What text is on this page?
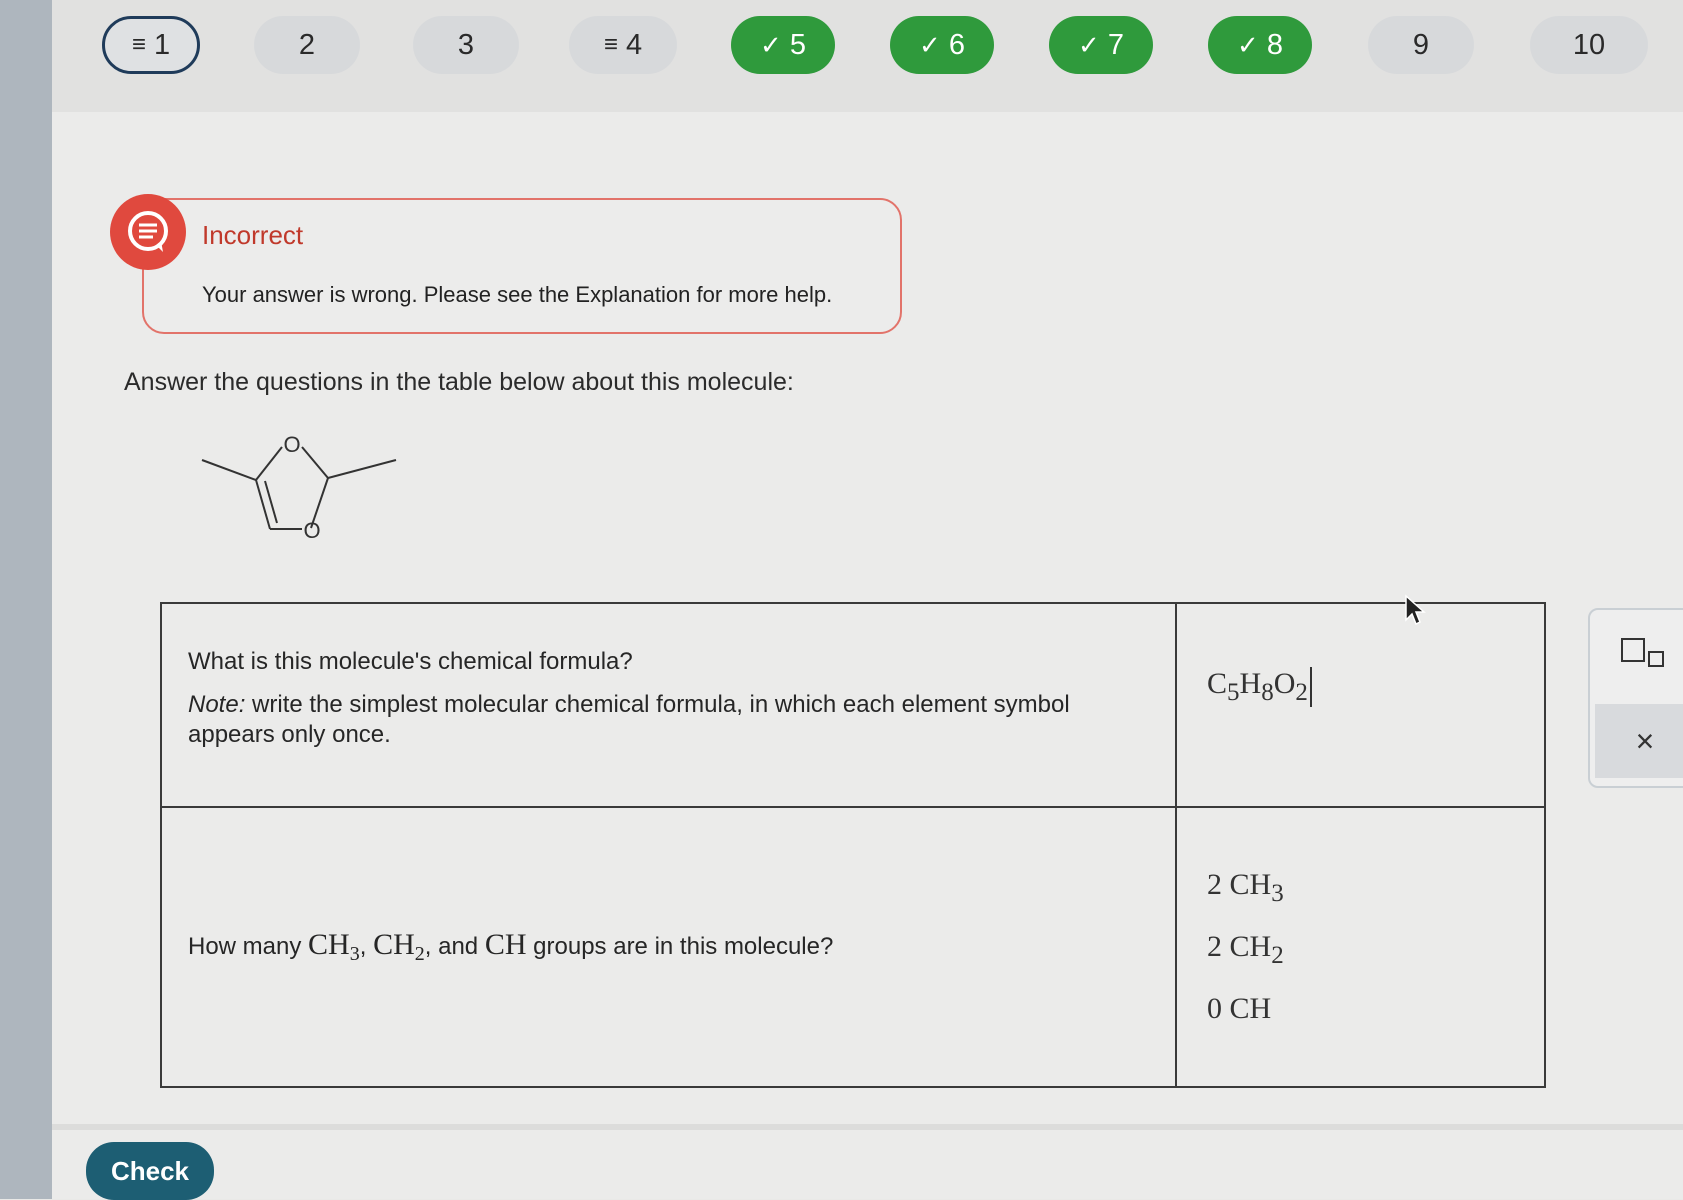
≡ 1	2	3	≡ 4	✓ 5	✓ 6	✓ 7	✓ 8	9	10
Incorrect
Your answer is wrong. Please see the Explanation for more help.
Answer the questions in the table below about this molecule:
O
O

What is this molecule's chemical formula?

Note: write the simplest molecular chemical formula, in which each element symbol appears only once.	$C_5H_8O_2$
How many $CH_3$, $CH_2$, and CH groups are in this molecule?	2 $CH_3$
2 $CH_2$
0 CH
×
Check
